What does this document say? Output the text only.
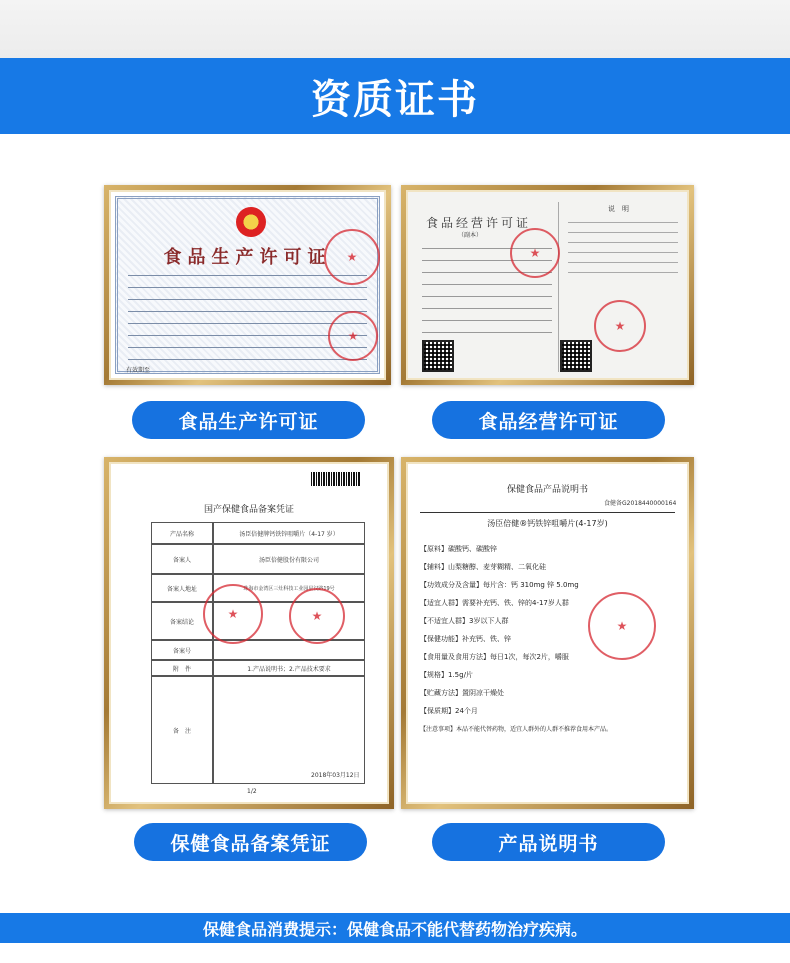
资质证书
食品生产许可证	★
★
有效期至
食品生产许可证
食品经营许可证
（副本）
说　明
★
★
食品经营许可证
国产保健食品备案凭证
产品名称	汤臣倍健牌钙铁锌咀嚼片（4-17 岁）
备案人	汤臣倍健股份有限公司
备案人地址	珠海市金湾区三灶科技工业园星汉路19号
备案结论
备案号
附　件	1.产品说明书；2.产品技术要求
备　注
★	★
2018年03月12日
1/2
保健食品备案凭证
保健食品产品说明书
食健备G2018440000164
汤臣倍健®钙铁锌咀嚼片(4-17岁)
【原料】碳酸钙、碳酸锌
【辅料】山梨糖醇、麦芽糊精、二氧化硅
【功效成分及含量】每片含：钙 310mg 锌 5.0mg
【适宜人群】需要补充钙、铁、锌的4-17岁人群
【不适宜人群】3岁以下人群
【保健功能】补充钙、铁、锌
【食用量及食用方法】每日1次，每次2片，嚼服
【规格】1.5g/片
【贮藏方法】置阴凉干燥处
【保质期】24个月
【注意事项】本品不能代替药物，适宜人群外的人群不推荐食用本产品。
★
产品说明书
保健食品消费提示：保健食品不能代替药物治疗疾病。
